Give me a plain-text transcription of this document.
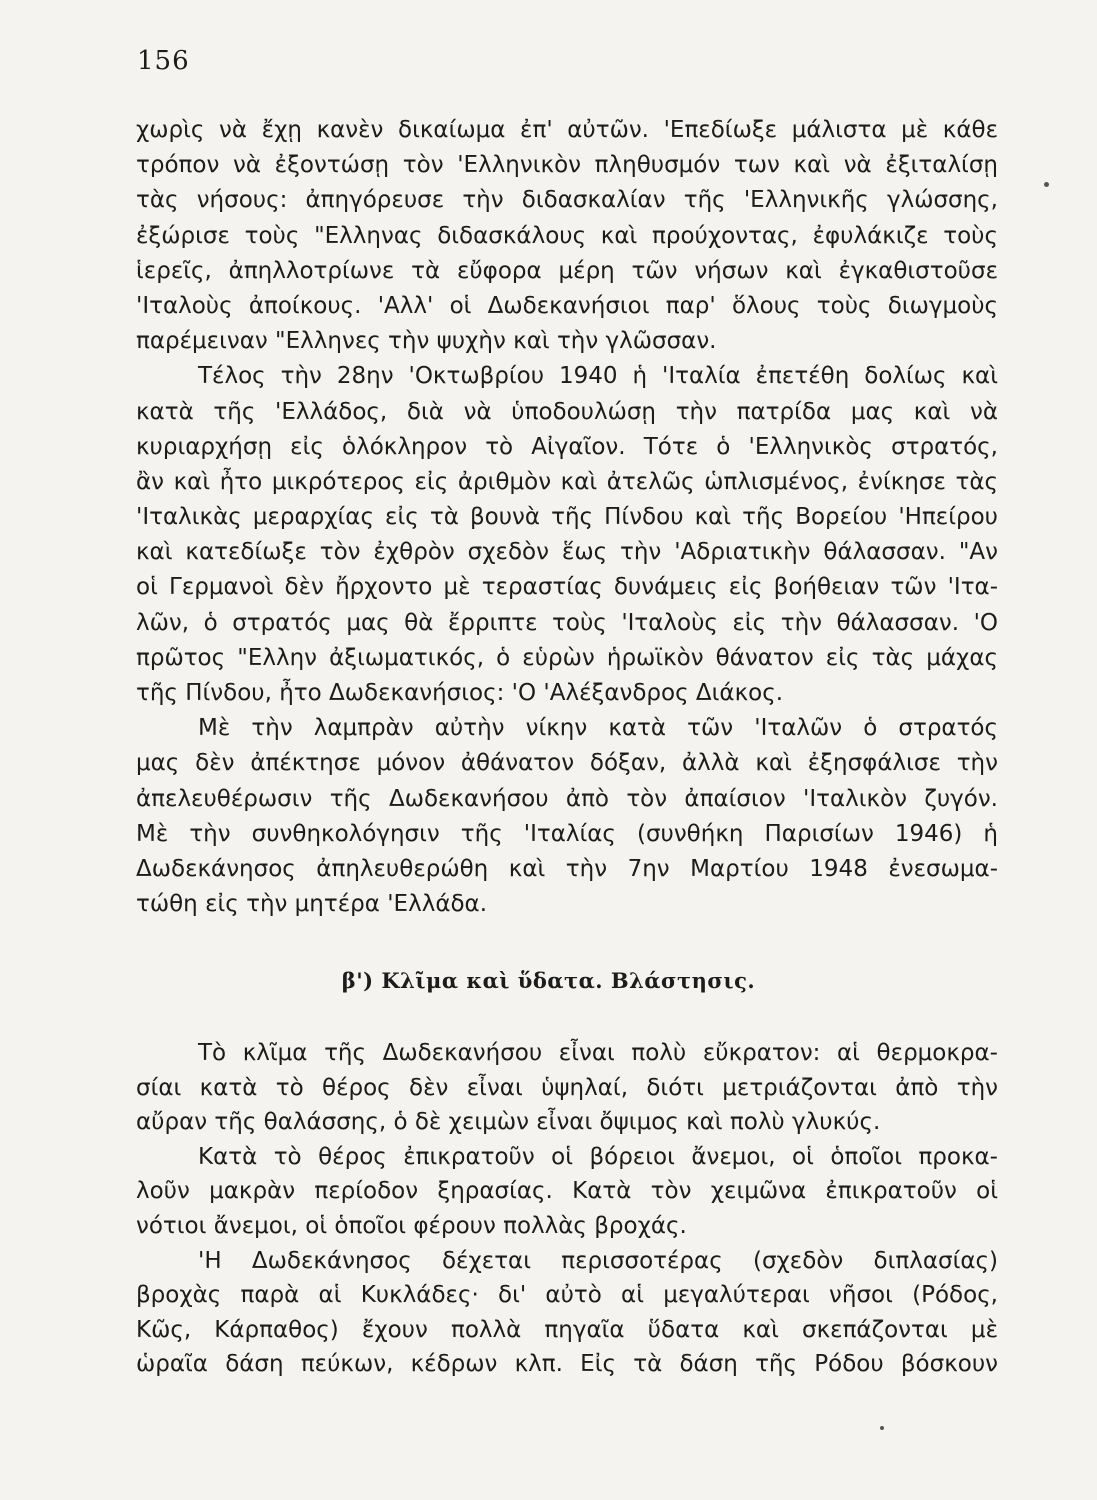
156
χωρὶς νὰ ἔχῃ κανὲν δικαίωμα ἐπ' αὐτῶν. 'Επεδίωξε μάλιστα μὲ κάθε
τρόπον νὰ ἐξοντώσῃ τὸν 'Ελληνικὸν πληθυσμόν των καὶ νὰ ἐξιταλίσῃ
τὰς νήσους: ἀπηγόρευσε τὴν διδασκαλίαν τῆς 'Ελληνικῆς γλώσσης,
ἐξώρισε τοὺς "Ελληνας διδασκάλους καὶ προύχοντας, ἐφυλάκιζε τοὺς
ἱερεῖς, ἀπηλλοτρίωνε τὰ εὔφορα μέρη τῶν νήσων καὶ ἐγκαθιστοῦσε
'Ιταλοὺς ἀποίκους. 'Αλλ' οἱ Δωδεκανήσιοι παρ' ὅλους τοὺς διωγμοὺς
παρέμειναν "Ελληνες τὴν ψυχὴν καὶ τὴν γλῶσσαν.
Τέλος τὴν 28ην 'Οκτωβρίου 1940 ἡ 'Ιταλία ἐπετέθη δολίως καὶ
κατὰ τῆς 'Ελλάδος, διὰ νὰ ὑποδουλώσῃ τὴν πατρίδα μας καὶ νὰ
κυριαρχήσῃ εἰς ὁλόκληρον τὸ Αἰγαῖον. Τότε ὁ 'Ελληνικὸς στρατός,
ἂν καὶ ἦτο μικρότερος εἰς ἀριθμὸν καὶ ἀτελῶς ὡπλισμένος, ἐνίκησε τὰς
'Ιταλικὰς μεραρχίας εἰς τὰ βουνὰ τῆς Πίνδου καὶ τῆς Βορείου 'Ηπείρου
καὶ κατεδίωξε τὸν ἐχθρὸν σχεδὸν ἕως τὴν 'Αδριατικὴν θάλασσαν. "Αν
οἱ Γερμανοὶ δὲν ἤρχοντο μὲ τεραστίας δυνάμεις εἰς βοήθειαν τῶν 'Ιτα-
λῶν, ὁ στρατός μας θὰ ἔρριπτε τοὺς 'Ιταλοὺς εἰς τὴν θάλασσαν. 'Ο
πρῶτος "Ελλην ἀξιωματικός, ὁ εὑρὼν ἡρωϊκὸν θάνατον εἰς τὰς μάχας
τῆς Πίνδου, ἦτο Δωδεκανήσιος: 'Ο 'Αλέξανδρος Διάκος.
Μὲ τὴν λαμπρὰν αὐτὴν νίκην κατὰ τῶν 'Ιταλῶν ὁ στρατός
μας δὲν ἀπέκτησε μόνον ἀθάνατον δόξαν, ἀλλὰ καὶ ἐξησφάλισε τὴν
ἀπελευθέρωσιν τῆς Δωδεκανήσου ἀπὸ τὸν ἀπαίσιον 'Ιταλικὸν ζυγόν.
Μὲ τὴν συνθηκολόγησιν τῆς 'Ιταλίας (συνθήκη Παρισίων 1946) ἡ
Δωδεκάνησος ἀπηλευθερώθη καὶ τὴν 7ην Μαρτίου 1948 ἐνεσωμα-
τώθη εἰς τὴν μητέρα 'Ελλάδα.
β') Κλῖμα καὶ ὕδατα. Βλάστησις.
Τὸ κλῖμα τῆς Δωδεκανήσου εἶναι πολὺ εὔκρατον: αἱ θερμοκρα-
σίαι κατὰ τὸ θέρος δὲν εἶναι ὑψηλαί, διότι μετριάζονται ἀπὸ τὴν
αὔραν τῆς θαλάσσης, ὁ δὲ χειμὼν εἶναι ὄψιμος καὶ πολὺ γλυκύς.
Κατὰ τὸ θέρος ἐπικρατοῦν οἱ βόρειοι ἄνεμοι, οἱ ὁποῖοι προκα-
λοῦν μακρὰν περίοδον ξηρασίας. Κατὰ τὸν χειμῶνα ἐπικρατοῦν οἱ
νότιοι ἄνεμοι, οἱ ὁποῖοι φέρουν πολλὰς βροχάς.
'Η Δωδεκάνησος δέχεται περισσοτέρας (σχεδὸν διπλασίας)
βροχὰς παρὰ αἱ Κυκλάδες· δι' αὐτὸ αἱ μεγαλύτεραι νῆσοι (Ρόδος,
Κῶς, Κάρπαθος) ἔχουν πολλὰ πηγαῖα ὕδατα καὶ σκεπάζονται μὲ
ὡραῖα δάση πεύκων, κέδρων κλπ. Εἰς τὰ δάση τῆς Ρόδου βόσκουν
